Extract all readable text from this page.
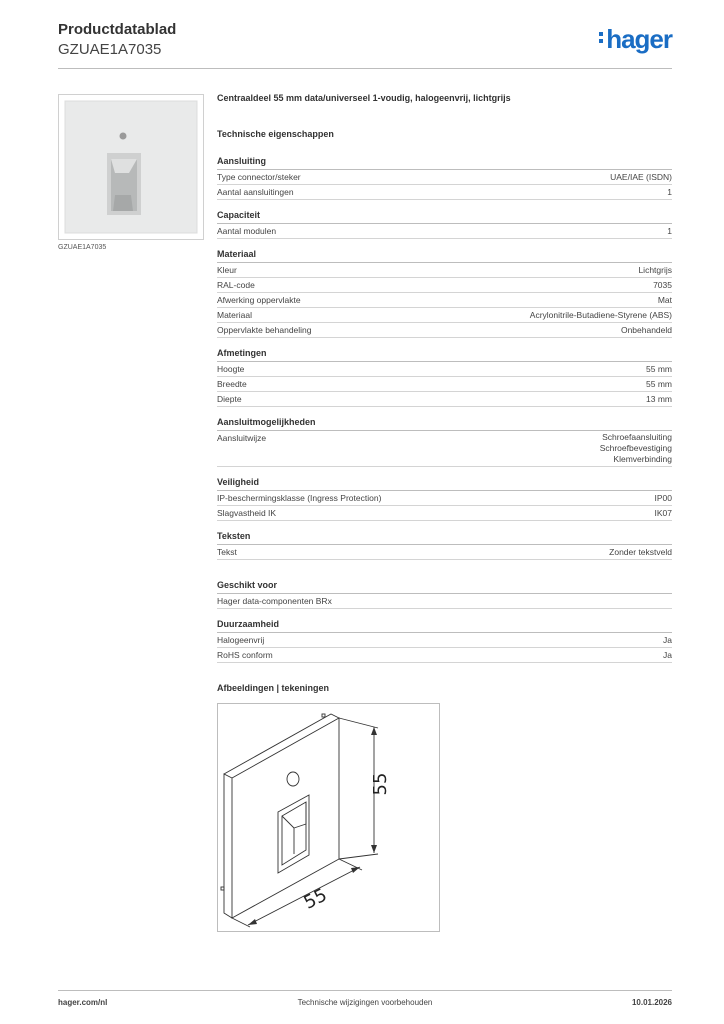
Productdatablad
GZUAE1A7035	hager
GZUAE1A7035
Centraaldeel 55 mm data/universeel 1-voudig, halogeenvrij, lichtgrijs
Technische eigenschappen
Aansluiting
Type connector/steker	UAE/IAE (ISDN)
Aantal aansluitingen	1
Capaciteit
Aantal modulen	1
Materiaal
Kleur	Lichtgrijs
RAL-code	7035
Afwerking oppervlakte	Mat
Materiaal	Acrylonitrile-Butadiene-Styrene (ABS)
Oppervlakte behandeling	Onbehandeld
Afmetingen
Hoogte	55 mm
Breedte	55 mm
Diepte	13 mm
Aansluitmogelijkheden
Aansluitwijze	Schroefaansluiting
Schroefbevestiging
Klemverbinding
Veiligheid
IP-beschermingsklasse (Ingress Protection)	IP00
Slagvastheid IK	IK07
Teksten
Tekst	Zonder tekstveld
Geschikt voor
Hager data-componenten BRx
Duurzaamheid
Halogeenvrij	Ja
RoHS conform	Ja
Afbeeldingen | tekeningen
55
55
hager.com/nl	Technische wijzigingen voorbehouden	10.01.2026
